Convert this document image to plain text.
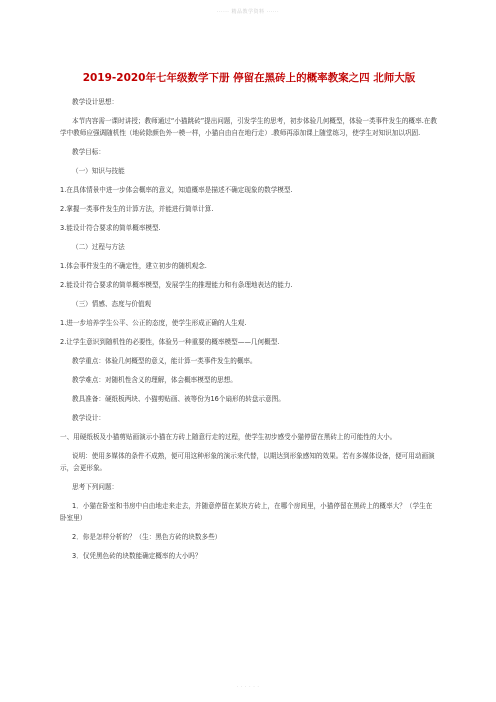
······ 精品教学资料 ······
2019-2020年七年级数学下册 停留在黑砖上的概率教案之四 北师大版

教学设计思想：

本节内容需一课时讲授；教师通过“小猫跳砖”提出问题，引发学生的思考，初步体验几何概型，体验一类事件发生的概率.在教学中教师应强调随机性（地砖除颜色外一模一样，小猫自由自在地行走）.教师再添加课上随堂练习，使学生对知识加以巩固.

教学目标：

（一）知识与技能

1.在具体情景中进一步体会概率的意义，知道概率是描述不确定现象的数学模型.

2.掌握一类事件发生的计算方法，并能进行简单计算.

3.能设计符合要求的简单概率模型.

（二）过程与方法

1.体会事件发生的不确定性，建立初步的随机观念.

2.能设计符合要求的简单概率模型，发展学生的推理能力和有条理地表达的能力.

（三）情感、态度与价值观

1.进一步培养学生公平、公正的态度，使学生形成正确的人生观.

2.让学生意识到随机性的必要性，体验另一种重要的概率模型——几何概型.

教学重点：体验几何概型的意义，能计算一类事件发生的概率。

教学难点：对随机性含义的理解，体会概率模型的思想。

教具准备：硬纸板两块、小猫剪贴画、被等份为16个扇形的转盘示意图。

教学设计：

一、用硬纸板及小猫剪贴画演示小猫在方砖上随意行走的过程，使学生初步感受小猫停留在黑砖上的可能性的大小。

说明：使用多媒体的条件不成熟，便可用这种形象的演示来代替，以期达到形象感知的效果。若有多媒体设备，便可用动画演示，会更形象。

思考下列问题：

1．小猫在卧室和书房中自由地走来走去，并随意停留在某块方砖上，在哪个房间里，小猫停留在黑砖上的概率大？（学生在卧室里）

2．你是怎样分析的？（生：黑色方砖的块数多些）

3．仅凭黑色砖的块数能确定概率的大小吗？

· · · · · ·
